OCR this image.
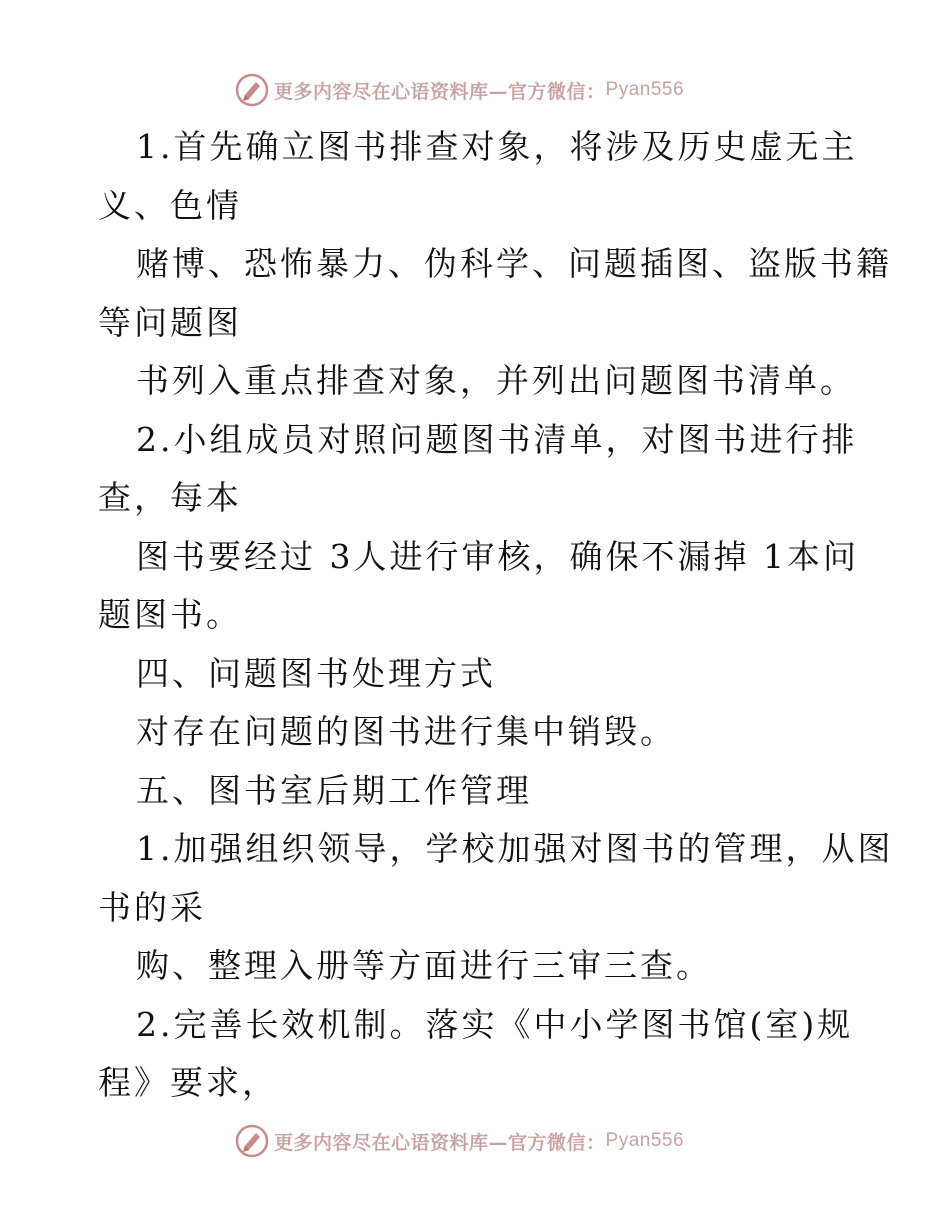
更多内容尽在心语资料库—官方微信： Pyan556
1.首先确立图书排查对象，将涉及历史虚无主
义、色情
赌博、恐怖暴力、伪科学、问题插图、盗版书籍
等问题图
书列入重点排查对象，并列出问题图书清单。
2.小组成员对照问题图书清单，对图书进行排
查，每本
图书要经过 3人进行审核，确保不漏掉 1本问
题图书。
四、问题图书处理方式
对存在问题的图书进行集中销毁。
五、图书室后期工作管理
1.加强组织领导，学校加强对图书的管理，从图
书的采
购、整理入册等方面进行三审三查。
2.完善长效机制。落实《中小学图书馆(室)规
程》要求，
更多内容尽在心语资料库—官方微信： Pyan556
